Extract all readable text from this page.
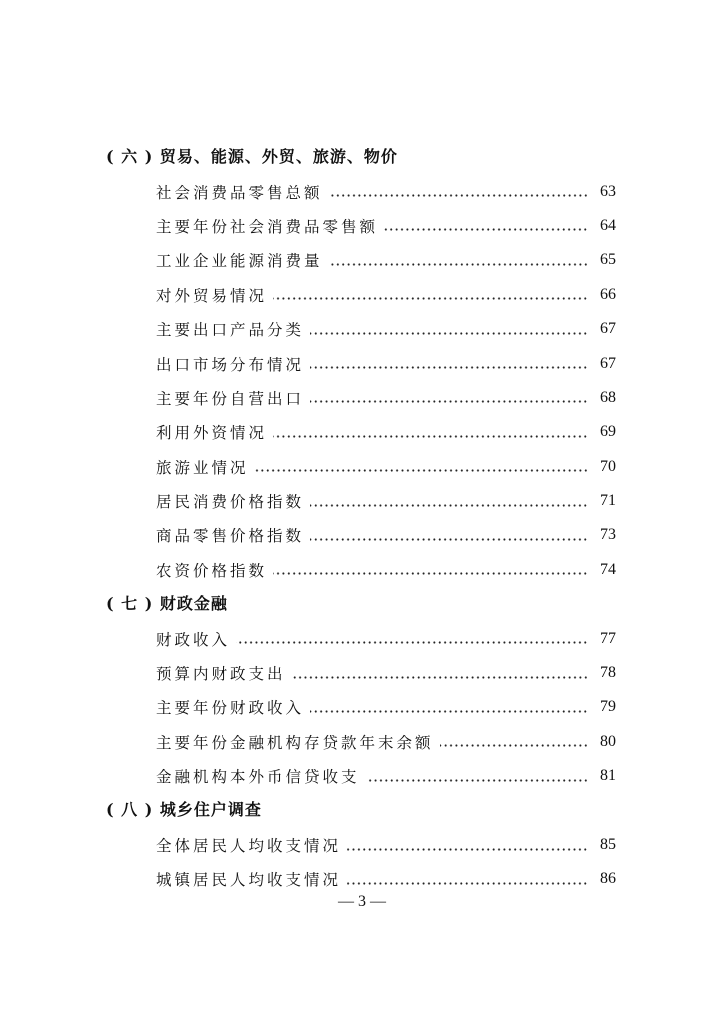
( 六 ) 贸易、能源、外贸、旅游、物价
社会消费品零售总额	63
主要年份社会消费品零售额	64
工业企业能源消费量	65
对外贸易情况	66
主要出口产品分类	67
出口市场分布情况	67
主要年份自营出口	68
利用外资情况	69
旅游业情况	70
居民消费价格指数	71
商品零售价格指数	73
农资价格指数	74
( 七 ) 财政金融
财政收入	77
预算内财政支出	78
主要年份财政收入	79
主要年份金融机构存贷款年末余额	80
金融机构本外币信贷收支	81
( 八 ) 城乡住户调查
全体居民人均收支情况	85
城镇居民人均收支情况	86
— 3 —
